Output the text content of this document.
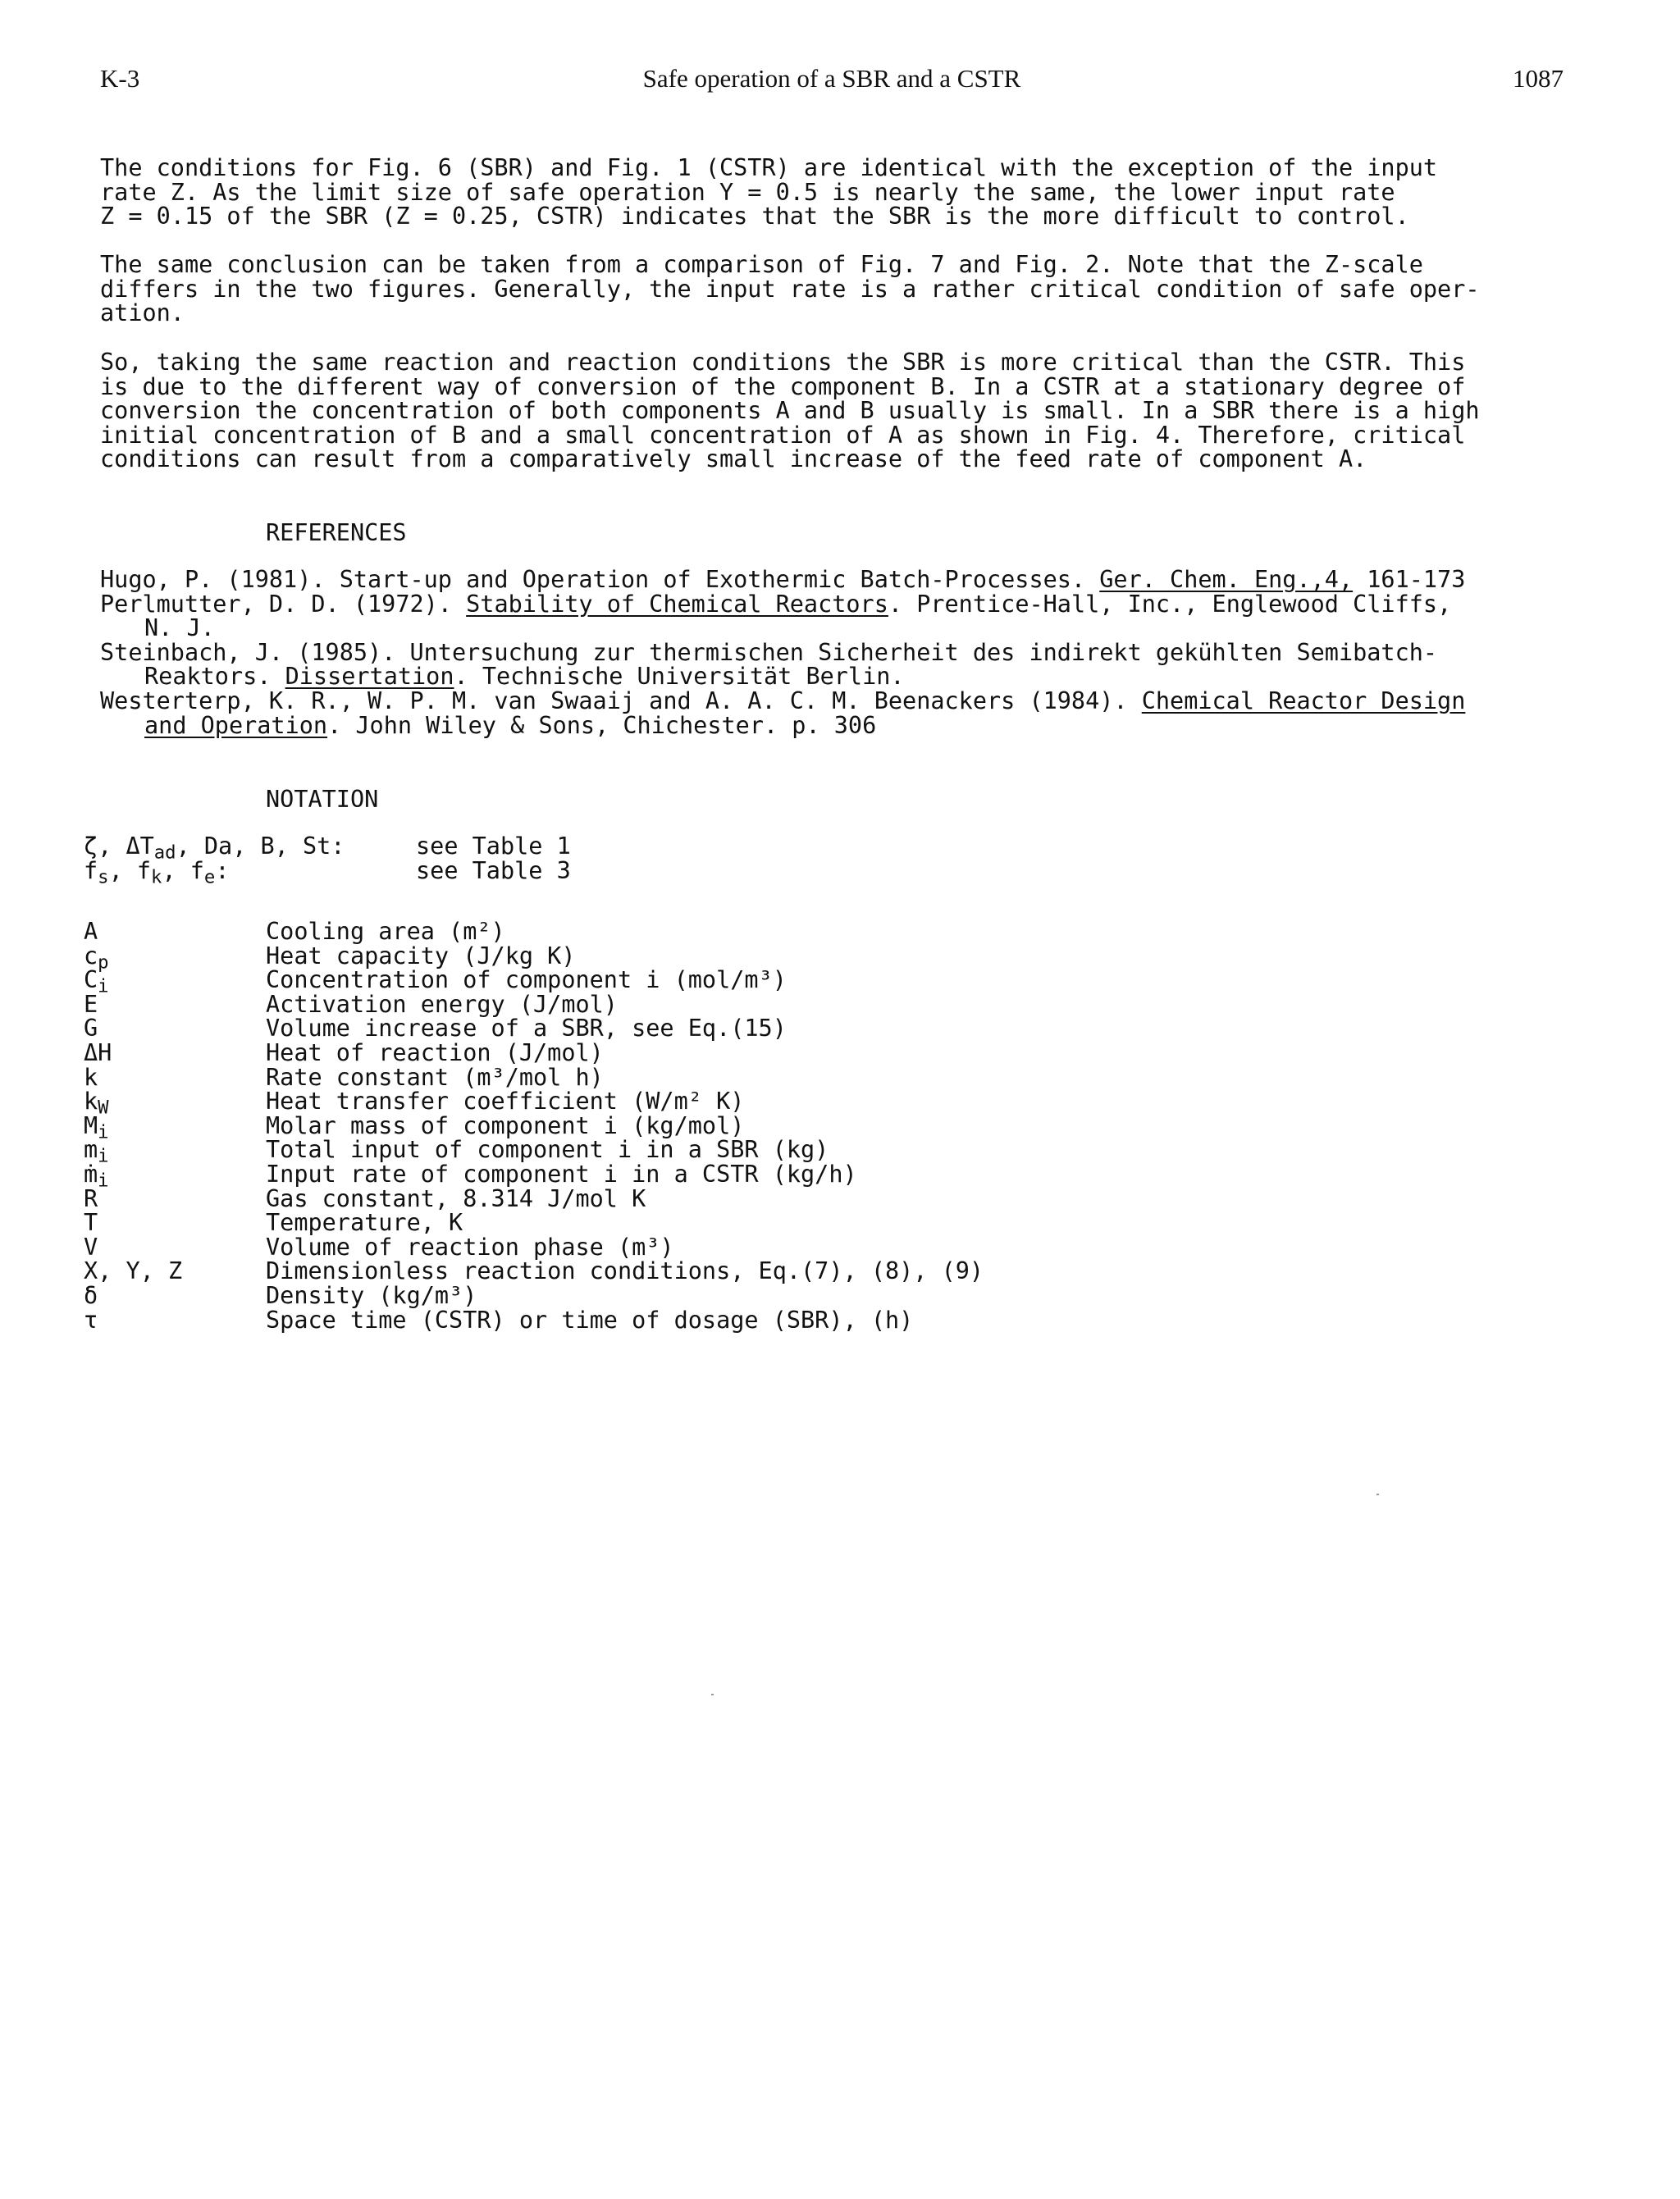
K-3	Safe operation of a SBR and a CSTR	1087

The conditions for Fig. 6 (SBR) and Fig. 1 (CSTR) are identical with the exception of the input
rate Z. As the limit size of safe operation Y = 0.5 is nearly the same, the lower input rate
Z = 0.15 of the SBR (Z = 0.25, CSTR) indicates that the SBR is the more difficult to control.

The same conclusion can be taken from a comparison of Fig. 7 and Fig. 2. Note that the Z-scale
differs in the two figures. Generally, the input rate is a rather critical condition of safe oper-
ation.

So, taking the same reaction and reaction conditions the SBR is more critical than the CSTR. This
is due to the different way of conversion of the component B. In a CSTR at a stationary degree of
conversion the concentration of both components A and B usually is small. In a SBR there is a high
initial concentration of B and a small concentration of A as shown in Fig. 4. Therefore, critical
conditions can result from a comparatively small increase of the feed rate of component A.

REFERENCES
Hugo, P. (1981). Start-up and Operation of Exothermic Batch-Processes. Ger. Chem. Eng.,4, 161-173
Perlmutter, D. D. (1972). Stability of Chemical Reactors. Prentice-Hall, Inc., Englewood Cliffs,
N. J.
Steinbach, J. (1985). Untersuchung zur thermischen Sicherheit des indirekt gekühlten Semibatch-
Reaktors. Dissertation. Technische Universität Berlin.
Westerterp, K. R., W. P. M. van Swaaij and A. A. C. M. Beenackers (1984). Chemical Reactor Design
and Operation. John Wiley & Sons, Chichester. p. 306
NOTATION
ζ, $\Delta T_{ad}$, Da, B, St:	see Table 1
$f_s$, $f_k$, $f_e$:	see Table 3
A	Cooling area (m²)
$c_p$	Heat capacity (J/kg K)
$C_i$	Concentration of component i (mol/m³)
E	Activation energy (J/mol)
G	Volume increase of a SBR, see Eq.(15)
ΔH	Heat of reaction (J/mol)
k	Rate constant (m³/mol h)
$k_W$	Heat transfer coefficient (W/m² K)
$M_i$	Molar mass of component i (kg/mol)
$m_i$	Total input of component i in a SBR (kg)
ṁ$_i$	Input rate of component i in a CSTR (kg/h)
R	Gas constant, 8.314 J/mol K
T	Temperature, K
V	Volume of reaction phase (m³)
X, Y, Z	Dimensionless reaction conditions, Eq.(7), (8), (9)
δ	Density (kg/m³)
τ	Space time (CSTR) or time of dosage (SBR), (h)
